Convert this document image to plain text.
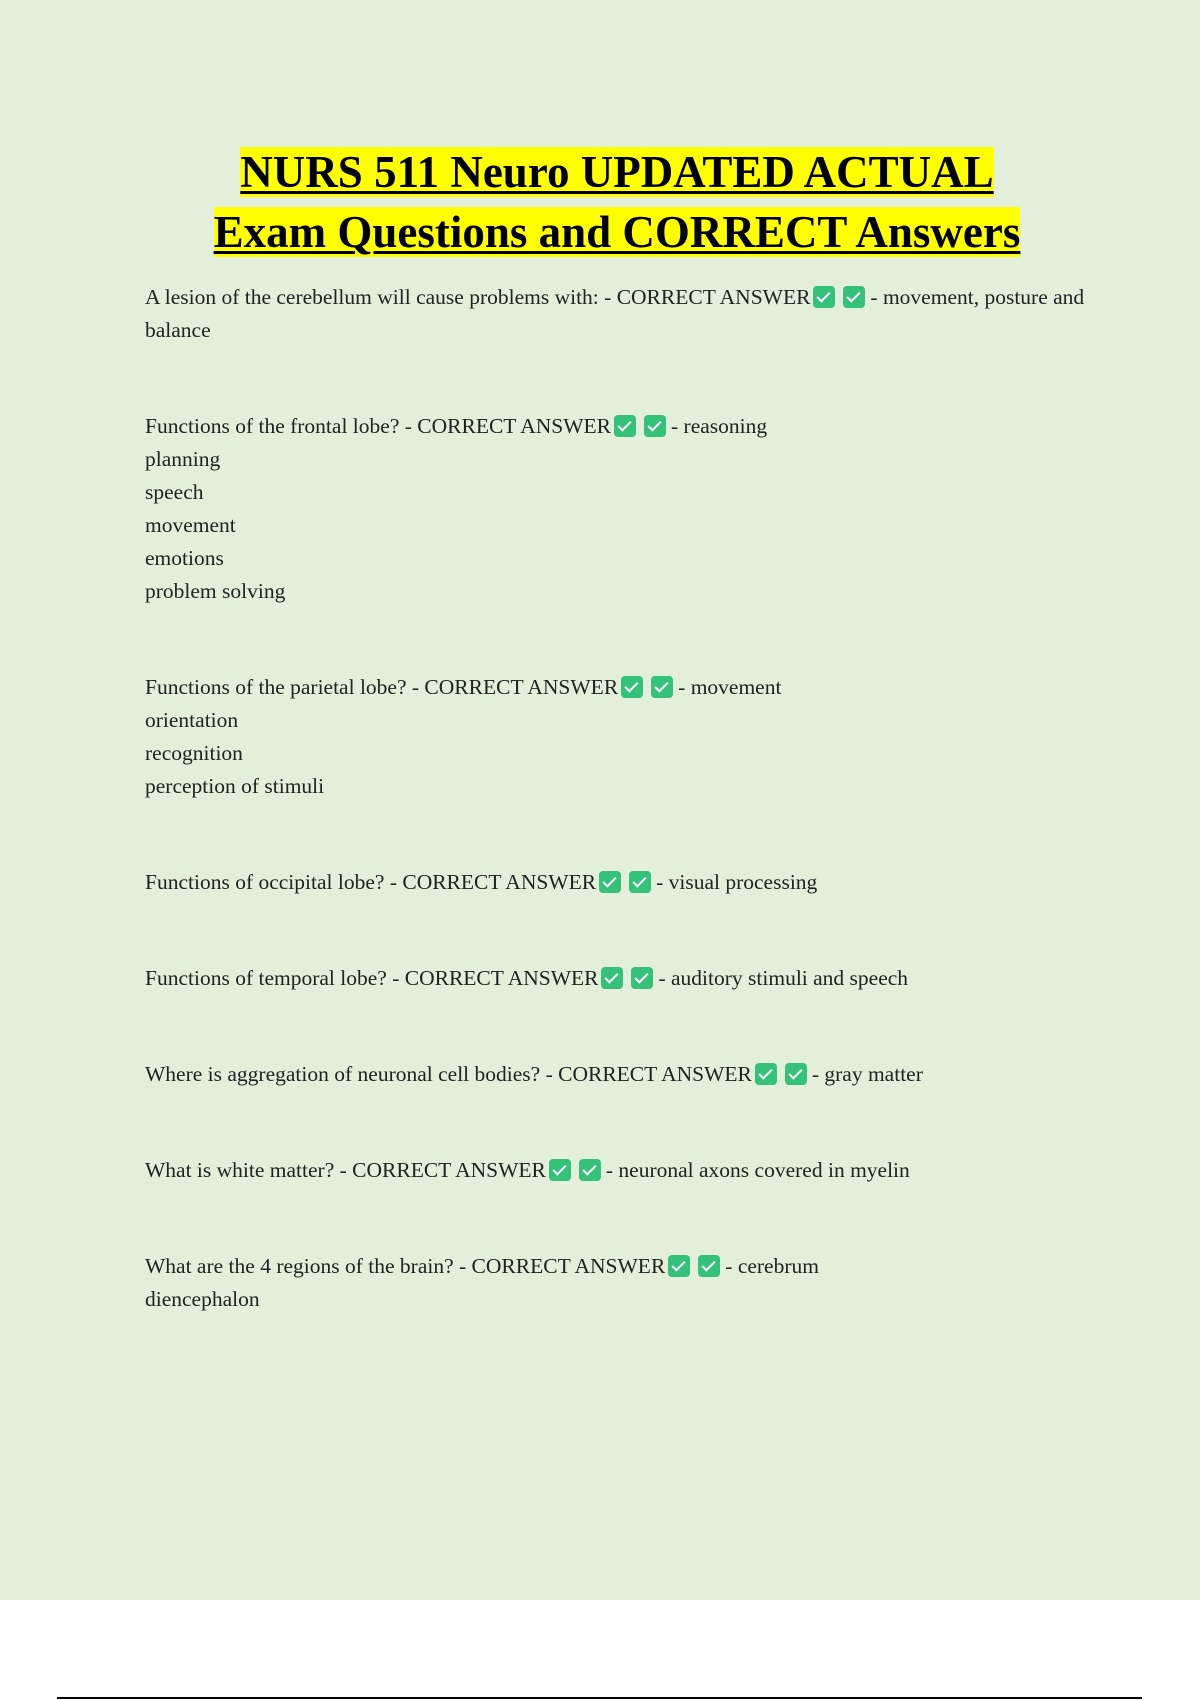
NURS 511 Neuro UPDATED ACTUAL
Exam Questions and CORRECT Answers

A lesion of the cerebellum will cause problems with: - CORRECT ANSWER	- movement, posture and balance

Functions of the frontal lobe? - CORRECT ANSWER	- reasoning

planning

speech

movement

emotions

problem solving

Functions of the parietal lobe? - CORRECT ANSWER	- movement

orientation

recognition

perception of stimuli

Functions of occipital lobe? - CORRECT ANSWER	- visual processing

Functions of temporal lobe? - CORRECT ANSWER	- auditory stimuli and speech

Where is aggregation of neuronal cell bodies? - CORRECT ANSWER	- gray matter

What is white matter? - CORRECT ANSWER	- neuronal axons covered in myelin

What are the 4 regions of the brain? - CORRECT ANSWER	- cerebrum

diencephalon
